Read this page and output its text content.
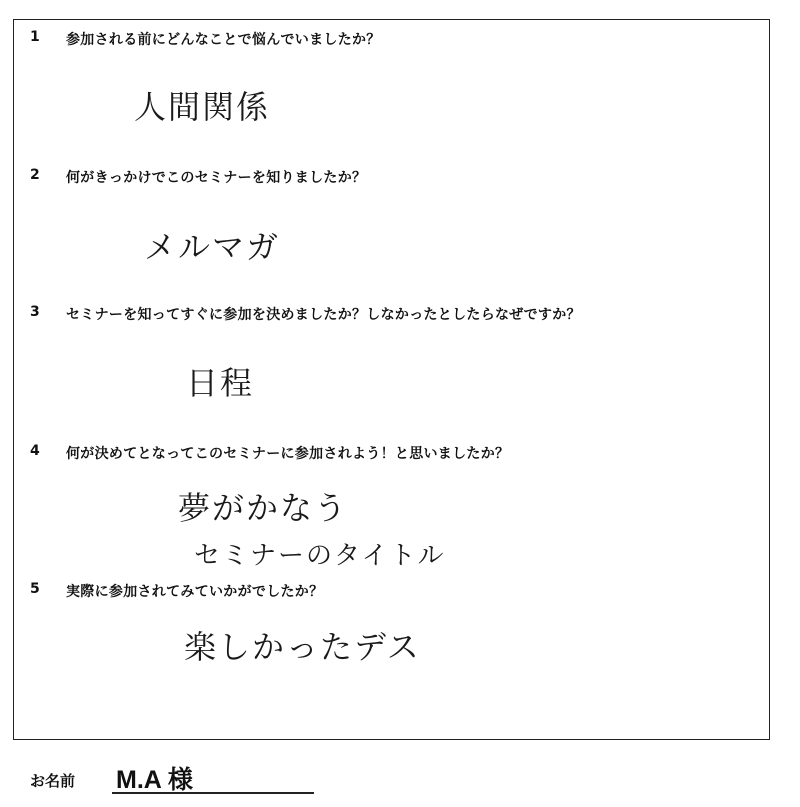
1 参加される前にどんなことで悩んでいましたか？
人間関係
2 何がきっかけでこのセミナーを知りましたか？
メルマガ
3 セミナーを知ってすぐに参加を決めましたか？しなかったとしたらなぜですか？
日程
4 何が決めてとなってこのセミナーに参加されよう！と思いましたか？
夢がかなう
セミナーのタイトル
5 実際に参加されてみていかがでしたか？
楽しかったデス
お名前 M.A 様
